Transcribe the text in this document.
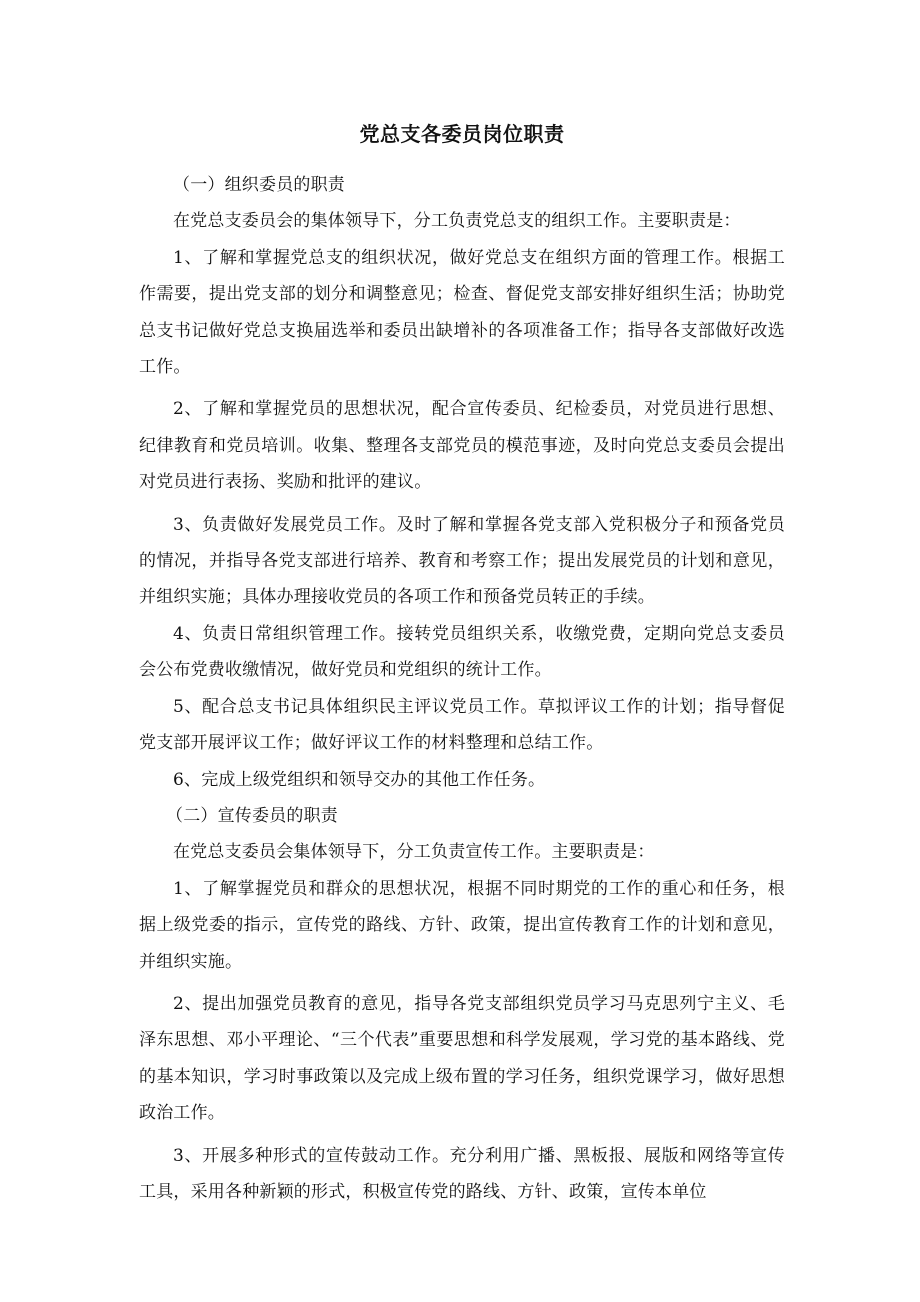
党总支各委员岗位职责

（一）组织委员的职责

在党总支委员会的集体领导下，分工负责党总支的组织工作。主要职责是：

1、了解和掌握党总支的组织状况，做好党总支在组织方面的管理工作。根据工作需要，提出党支部的划分和调整意见；检查、督促党支部安排好组织生活；协助党总支书记做好党总支换届选举和委员出缺增补的各项准备工作；指导各支部做好改选工作。

2、了解和掌握党员的思想状况，配合宣传委员、纪检委员，对党员进行思想、纪律教育和党员培训。收集、整理各支部党员的模范事迹，及时向党总支委员会提出对党员进行表扬、奖励和批评的建议。

3、负责做好发展党员工作。及时了解和掌握各党支部入党积极分子和预备党员的情况，并指导各党支部进行培养、教育和考察工作；提出发展党员的计划和意见，并组织实施；具体办理接收党员的各项工作和预备党员转正的手续。

4、负责日常组织管理工作。接转党员组织关系，收缴党费，定期向党总支委员会公布党费收缴情况，做好党员和党组织的统计工作。

5、配合总支书记具体组织民主评议党员工作。草拟评议工作的计划；指导督促党支部开展评议工作；做好评议工作的材料整理和总结工作。

6、完成上级党组织和领导交办的其他工作任务。

（二）宣传委员的职责

在党总支委员会集体领导下，分工负责宣传工作。主要职责是：

1、了解掌握党员和群众的思想状况，根据不同时期党的工作的重心和任务，根据上级党委的指示，宣传党的路线、方针、政策，提出宣传教育工作的计划和意见，并组织实施。

2、提出加强党员教育的意见，指导各党支部组织党员学习马克思列宁主义、毛泽东思想、邓小平理论、“三个代表”重要思想和科学发展观，学习党的基本路线、党的基本知识，学习时事政策以及完成上级布置的学习任务，组织党课学习，做好思想政治工作。

3、开展多种形式的宣传鼓动工作。充分利用广播、黑板报、展版和网络等宣传工具，采用各种新颖的形式，积极宣传党的路线、方针、政策，宣传本单位
